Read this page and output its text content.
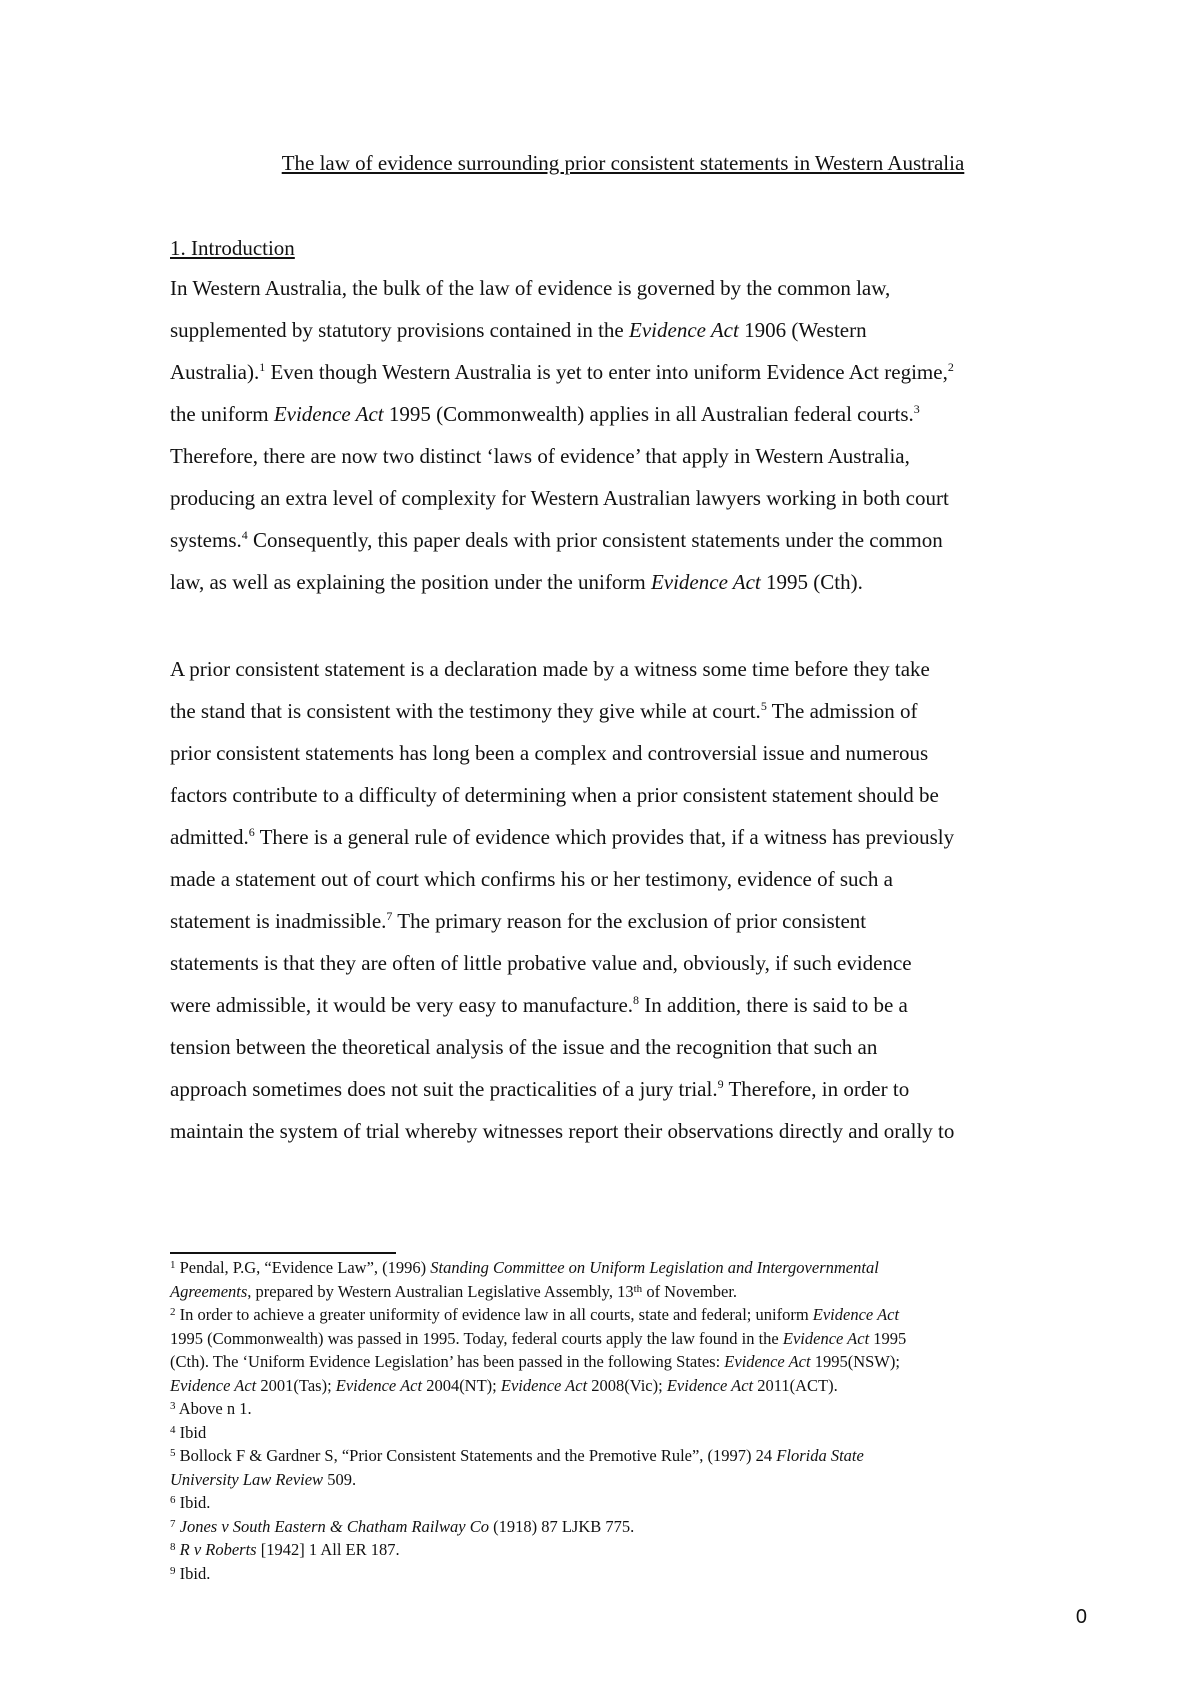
The law of evidence surrounding prior consistent statements in Western Australia
1. Introduction
In Western Australia, the bulk of the law of evidence is governed by the common law,
supplemented by statutory provisions contained in the Evidence Act 1906 (Western
Australia).$^1$ Even though Western Australia is yet to enter into uniform Evidence Act regime,$^2$
the uniform Evidence Act 1995 (Commonwealth) applies in all Australian federal courts.$^3$
Therefore, there are now two distinct ‘laws of evidence’ that apply in Western Australia,
producing an extra level of complexity for Western Australian lawyers working in both court
systems.$^4$ Consequently, this paper deals with prior consistent statements under the common
law, as well as explaining the position under the uniform Evidence Act 1995 (Cth).
A prior consistent statement is a declaration made by a witness some time before they take
the stand that is consistent with the testimony they give while at court.$^5$ The admission of
prior consistent statements has long been a complex and controversial issue and numerous
factors contribute to a difficulty of determining when a prior consistent statement should be
admitted.$^6$ There is a general rule of evidence which provides that, if a witness has previously
made a statement out of court which confirms his or her testimony, evidence of such a
statement is inadmissible.$^7$ The primary reason for the exclusion of prior consistent
statements is that they are often of little probative value and, obviously, if such evidence
were admissible, it would be very easy to manufacture.$^8$ In addition, there is said to be a
tension between the theoretical analysis of the issue and the recognition that such an
approach sometimes does not suit the practicalities of a jury trial.$^9$ Therefore, in order to
maintain the system of trial whereby witnesses report their observations directly and orally to
$^1$ Pendal, P.G, “Evidence Law”, (1996) Standing Committee on Uniform Legislation and Intergovernmental
Agreements, prepared by Western Australian Legislative Assembly, 13th of November.
$^2$ In order to achieve a greater uniformity of evidence law in all courts, state and federal; uniform Evidence Act
1995 (Commonwealth) was passed in 1995. Today, federal courts apply the law found in the Evidence Act 1995
(Cth). The ‘Uniform Evidence Legislation’ has been passed in the following States: Evidence Act 1995(NSW);
Evidence Act 2001(Tas); Evidence Act 2004(NT); Evidence Act 2008(Vic); Evidence Act 2011(ACT).
$^3$ Above n 1.
$^4$ Ibid
$^5$ Bollock F & Gardner S, “Prior Consistent Statements and the Premotive Rule”, (1997) 24 Florida State
University Law Review 509.
$^6$ Ibid.
$^7$ Jones v South Eastern & Chatham Railway Co (1918) 87 LJKB 775.
$^8$ R v Roberts [1942] 1 All ER 187.
$^9$ Ibid.
0
